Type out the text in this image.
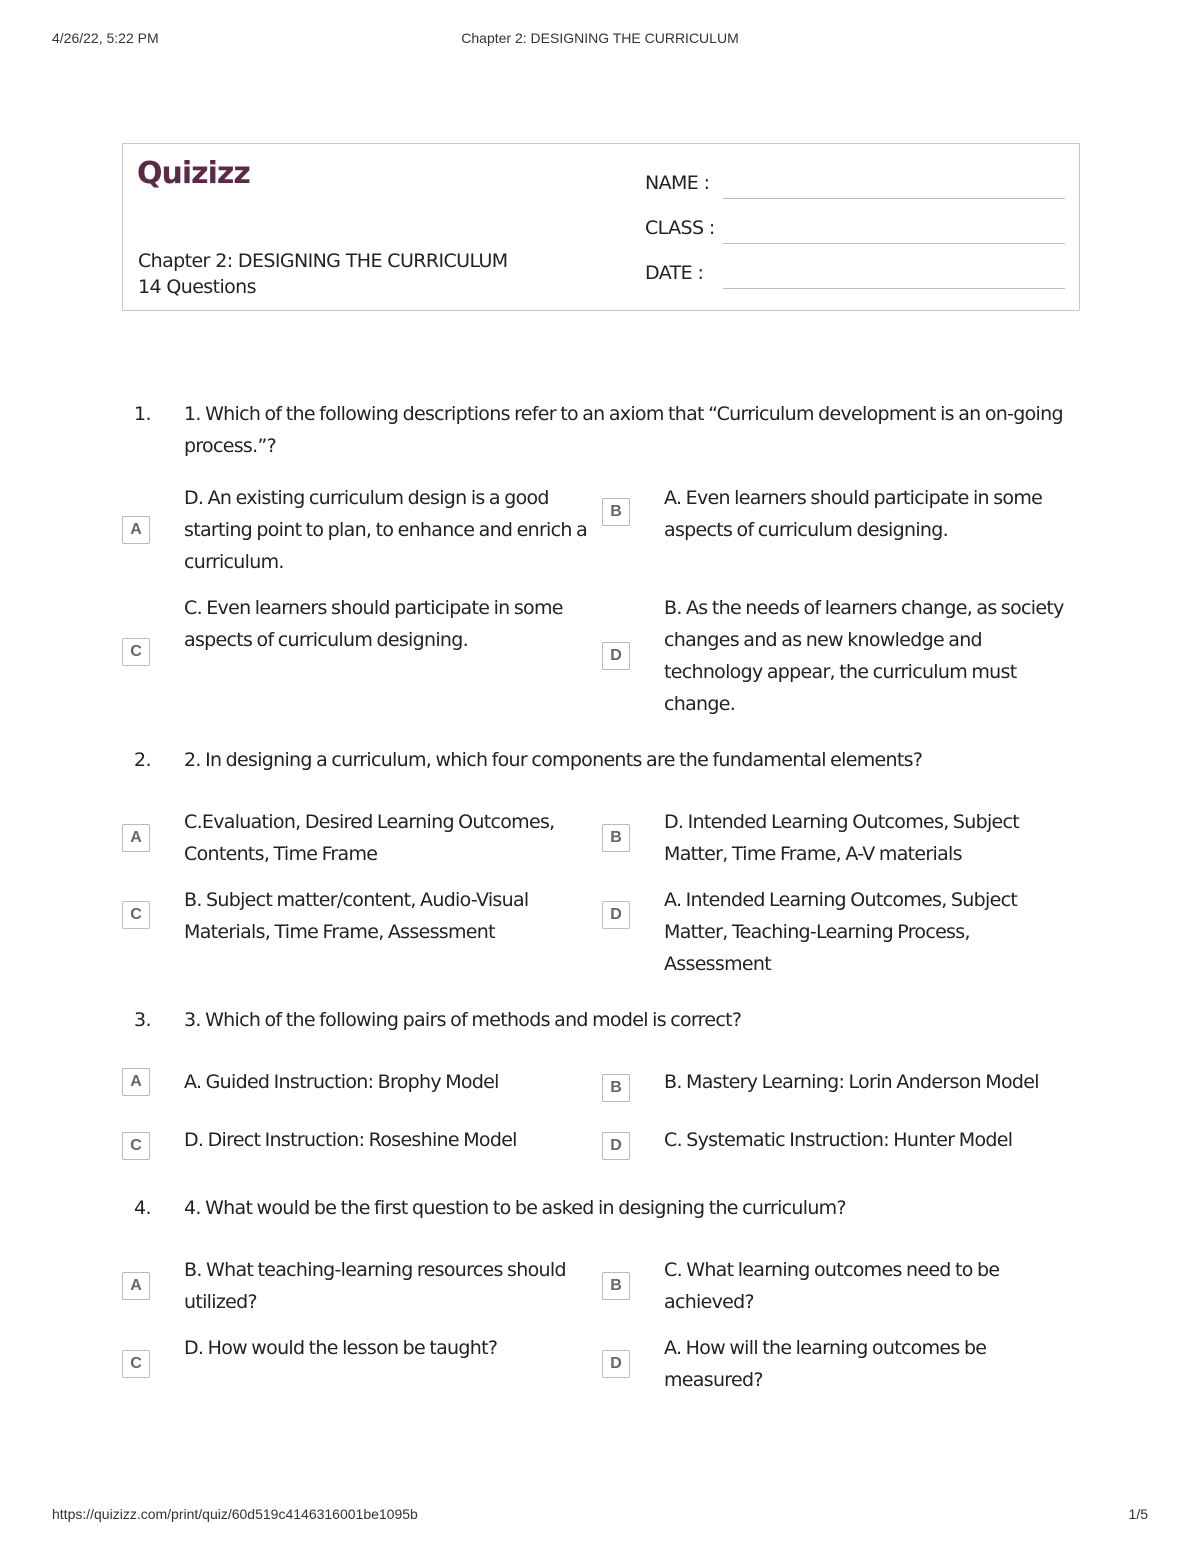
4/26/22, 5:22 PM	Chapter 2: DESIGNING THE CURRICULUM
Quizizz
Chapter 2: DESIGNING THE CURRICULUM
14 Questions
NAME :
CLASS :
DATE :
1. 1. Which of the following descriptions refer to an axiom that “Curriculum development is an on-going process.”?
A
D. An existing curriculum design is a good starting point to plan, to enhance and enrich a curriculum.
B
A. Even learners should participate in some aspects of curriculum designing.
C
C. Even learners should participate in some aspects of curriculum designing.
D
B. As the needs of learners change, as society changes and as new knowledge and technology appear, the curriculum must change.
2. 2. In designing a curriculum, which four components are the fundamental elements?
A
C.Evaluation, Desired Learning Outcomes, Contents, Time Frame
B
D. Intended Learning Outcomes, Subject Matter, Time Frame, A-V materials
C
B. Subject matter/content, Audio-Visual Materials, Time Frame, Assessment
D
A. Intended Learning Outcomes, Subject Matter, Teaching-Learning Process, Assessment
3. 3. Which of the following pairs of methods and model is correct?
A	A. Guided Instruction: Brophy Model	B	B. Mastery Learning: Lorin Anderson Model
C	D. Direct Instruction: Roseshine Model	D	C. Systematic Instruction: Hunter Model
4. 4. What would be the first question to be asked in designing the curriculum?
A
B. What teaching-learning resources should utilized?
B
C. What learning outcomes need to be achieved?
C
D. How would the lesson be taught?
D
A. How will the learning outcomes be measured?
https://quizizz.com/print/quiz/60d519c4146316001be1095b	1/5
